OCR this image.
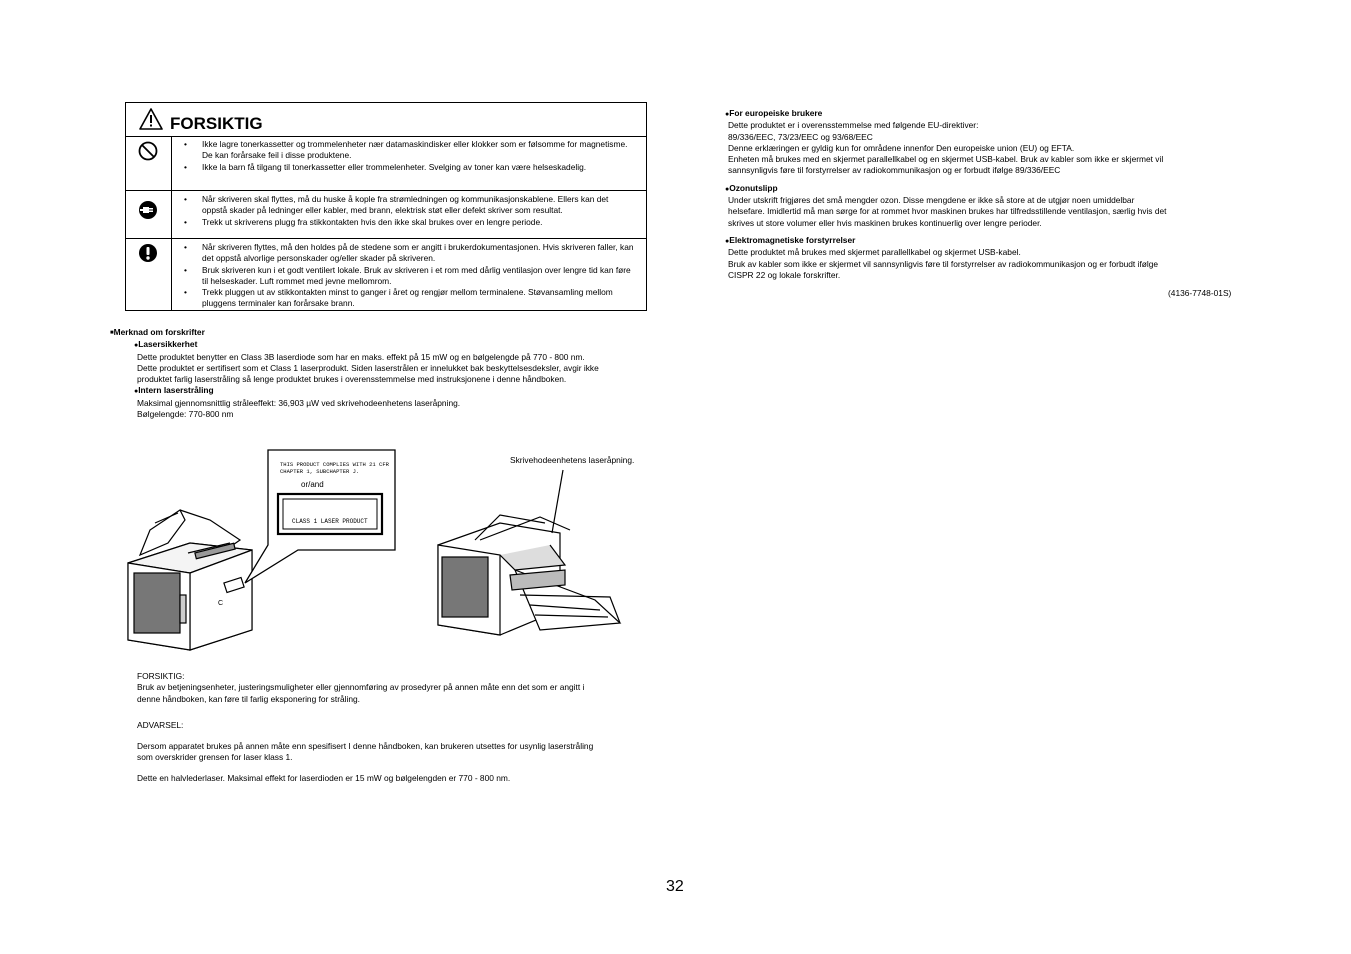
FORSIKTIG
• Ikke lagre tonerkassetter og trommelenheter nær datamaskindisker eller klokker som er følsomme for magnetisme. De kan forårsake feil i disse produktene.
• Ikke la barn få tilgang til tonerkassetter eller trommelenheter. Svelging av toner kan være helseskadelig.
• Når skriveren skal flyttes, må du huske å kople fra strømledningen og kommunikasjonskablene. Ellers kan det oppstå skader på ledninger eller kabler, med brann, elektrisk støt eller defekt skriver som resultat.
• Trekk ut skriverens plugg fra stikkontakten hvis den ikke skal brukes over en lengre periode.
• Når skriveren flyttes, må den holdes på de stedene som er angitt i brukerdokumentasjonen. Hvis skriveren faller, kan det oppstå alvorlige personskader og/eller skader på skriveren.
• Bruk skriveren kun i et godt ventilert lokale. Bruk av skriveren i et rom med dårlig ventilasjon over lengre tid kan føre til helseskader. Luft rommet med jevne mellomrom.
• Trekk pluggen ut av stikkontakten minst to ganger i året og rengjør mellom terminalene. Støvansamling mellom pluggens terminaler kan forårsake brann.
■ Merknad om forskrifter
● Lasersikkerhet
Dette produktet benytter en Class 3B laserdiode som har en maks. effekt på 15 mW og en bølgelengde på 770 - 800 nm.
Dette produktet er sertifisert som et Class 1 laserprodukt. Siden laserstrålen er innelukket bak beskyttelsesdeksler, avgir ikke
produktet farlig laserstråling så lenge produktet brukes i overensstemmelse med instruksjonene i denne håndboken.
● Intern laserstråling
Maksimal gjennomsnittlig stråleeffekt: 36,903 µW ved skrivehodeenhetens laseråpning.
Bølgelengde: 770-800 nm
C
THIS PRODUCT COMPLIES WITH 21 CFR
CHAPTER 1, SUBCHAPTER J.
or/and
CLASS 1 LASER PRODUCT
Skrivehodeenhetens laseråpning.
FORSIKTIG:
Bruk av betjeningsenheter, justeringsmuligheter eller gjennomføring av prosedyrer på annen måte enn det som er angitt i
denne håndboken, kan føre til farlig eksponering for stråling.
ADVARSEL:
Dersom apparatet brukes på annen måte enn spesifisert I denne håndboken, kan brukeren utsettes for usynlig laserstråling
som overskrider grensen for laser klass 1.
Dette en halvlederlaser. Maksimal effekt for laserdioden er 15 mW og bølgelengden er 770 - 800 nm.
● For europeiske brukere
Dette produktet er i overensstemmelse med følgende EU-direktiver:
89/336/EEC, 73/23/EEC og 93/68/EEC
Denne erklæringen er gyldig kun for områdene innenfor Den europeiske union (EU) og EFTA.
Enheten må brukes med en skjermet parallellkabel og en skjermet USB-kabel. Bruk av kabler som ikke er skjermet vil
sannsynligvis føre til forstyrrelser av radiokommunikasjon og er forbudt ifølge 89/336/EEC
● Ozonutslipp
Under utskrift frigjøres det små mengder ozon. Disse mengdene er ikke så store at de utgjør noen umiddelbar
helsefare. Imidlertid må man sørge for at rommet hvor maskinen brukes har tilfredsstillende ventilasjon, særlig hvis det
skrives ut store volumer eller hvis maskinen brukes kontinuerlig over lengre perioder.
● Elektromagnetiske forstyrrelser
Dette produktet må brukes med skjermet parallellkabel og skjermet USB-kabel.
Bruk av kabler som ikke er skjermet vil sannsynligvis føre til forstyrrelser av radiokommunikasjon og er forbudt ifølge
CISPR 22 og lokale forskrifter.
(4136-7748-01S)
32
